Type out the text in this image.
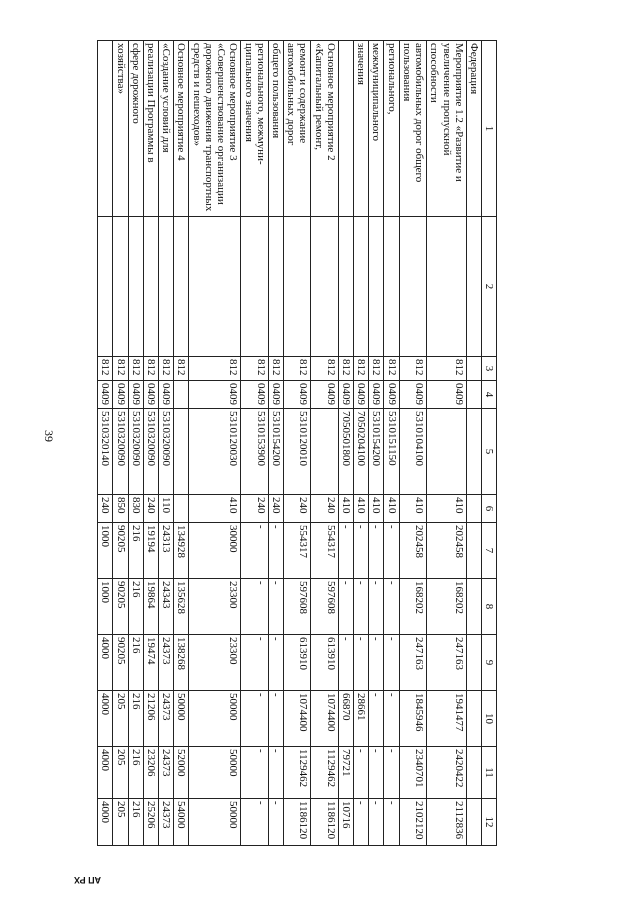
39
АП РХ
1	2	3	4	5	6	7	8	9	10	11	12
Федерация											
Мероприятие 1.2 «Развитие и увеличение пропускной способности		812	0409		410	202458	168202	247163	1941477	2420422	2112836
автомобильных дорог общего пользования		812	0409	5310104100	410	202458	168202	247163	1845946	2340701	2102120
регионального,		812	0409	5310151150	410	-	-	-	-	-	-
межмуниципального		812	0409	5310154200	410	-	-	-	-	-	-
значения		812	0409	7050204100	410	-	-	-	28661	-	-
		812	0409	7050501800	410	-	-	-	66870	79721	10716
Основное мероприятие 2 «Капитальный ремонт,		812	0409		240	554317	597608	613910	1074400	1129462	1186120
ремонт и содержание автомобильных дорог		812	0409	5310120010	240	554317	597608	613910	1074400	1129462	1186120
общего пользования		812	0409	5310154200	240	-	-	-	-	-	-
регионального, межмуни-ципального значения		812	0409	5310153900	240	-	-	-	-	-	-
Основное мероприятие 3 «Совершенствование организации дорожного движения транспортных средств и пешеходов»		812	0409	5310120030	410	30000	23300	23300	50000	50000	50000
Основное мероприятие 4		812				134928	135628	138268	50000	52000	54000
«Создание условий для		812	0409	5310320090	110	24313	24343	24373	24373	24373	24373
реализации Программы в		812	0409	5310320090	240	19194	19864	19474	21206	23206	25206
сфере дорожного		812	0409	5310320090	830	216	216	216	216	216	216
хозяйства»		812	0409	5310320090	850	90205	90205	90205	205	205	205
		812	0409	5310320140	240	1000	1000	4000	4000	4000	4000
